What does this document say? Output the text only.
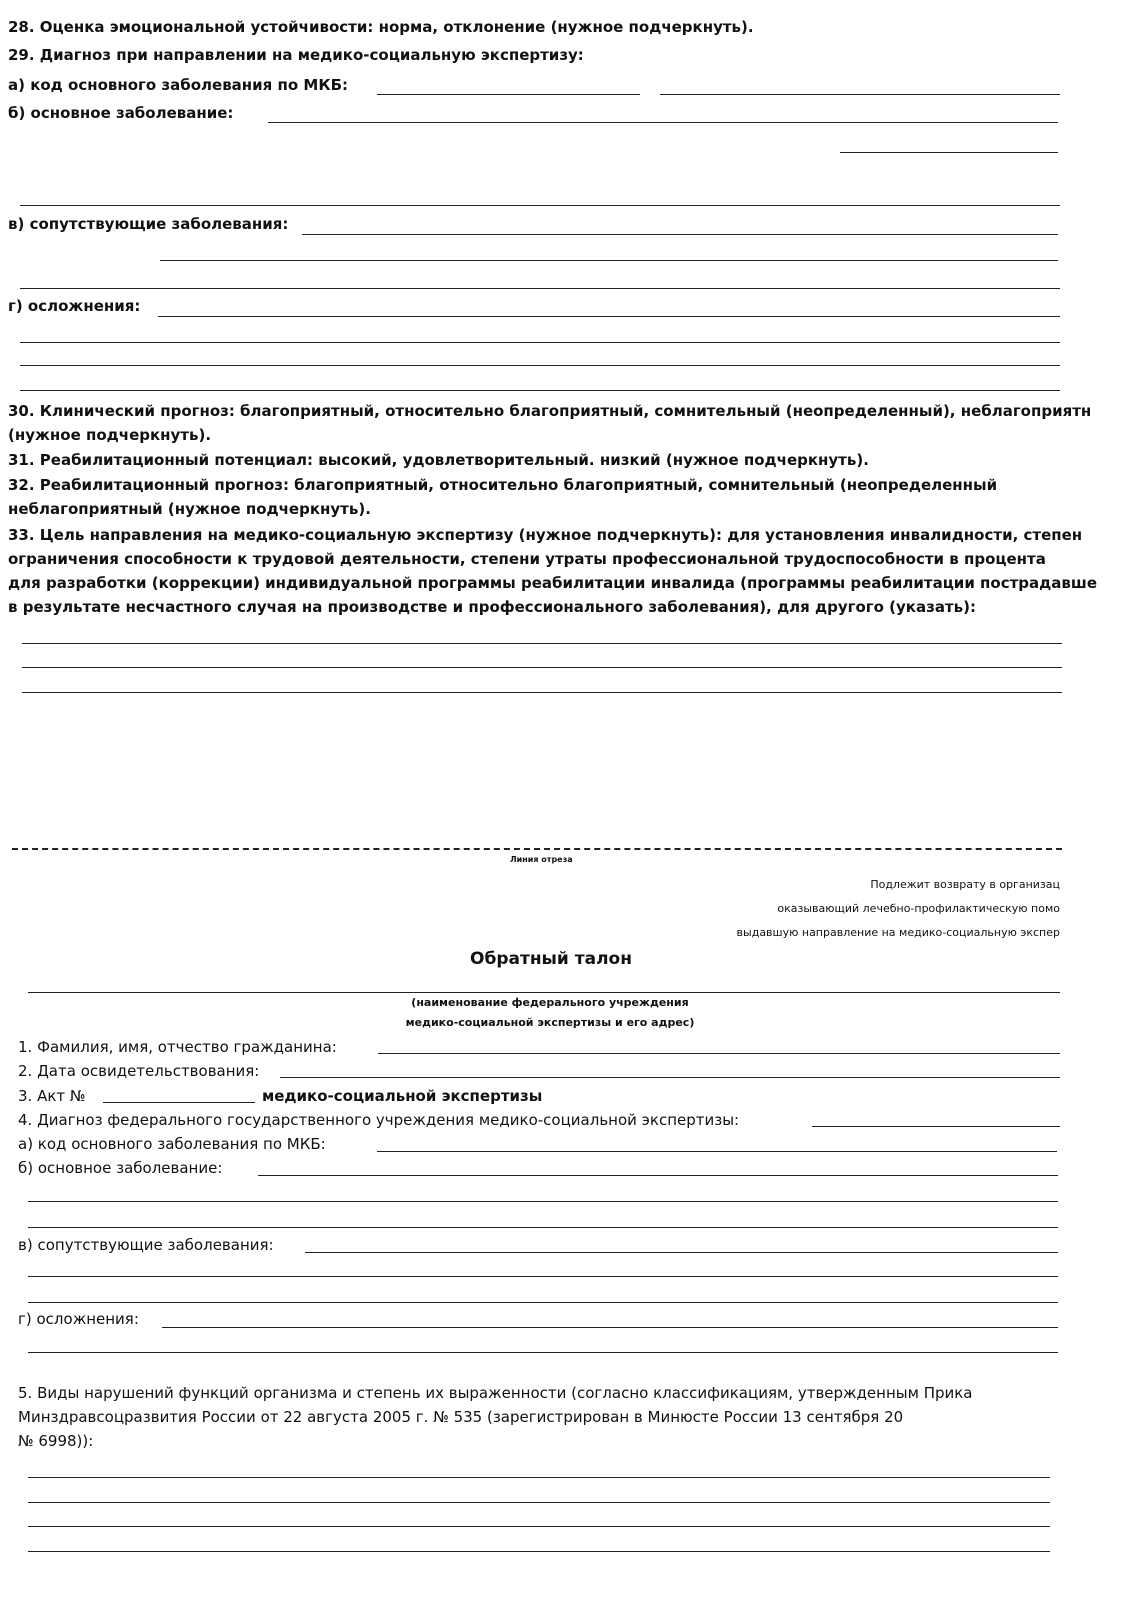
28. Оценка эмоциональной устойчивости: норма, отклонение (нужное подчеркнуть).
29. Диагноз при направлении на медико-социальную экспертизу:
а) код основного заболевания по МКБ:
б) основное заболевание:
в) сопутствующие заболевания:
г) осложнения:
30. Клинический прогноз: благоприятный, относительно благоприятный, сомнительный (неопределенный), неблагоприятн
(нужное подчеркнуть).
31. Реабилитационный потенциал: высокий, удовлетворительный. низкий (нужное подчеркнуть).
32. Реабилитационный прогноз: благоприятный, относительно благоприятный, сомнительный (неопределенный
неблагоприятный (нужное подчеркнуть).
33. Цель направления на медико-социальную экспертизу (нужное подчеркнуть): для установления инвалидности, степен
ограничения способности к трудовой деятельности, степени утраты профессиональной трудоспособности в процента
для разработки (коррекции) индивидуальной программы реабилитации инвалида (программы реабилитации пострадавше
в результате несчастного случая на производстве и профессионального заболевания), для другого (указать):
Линия отреза
Подлежит возврату в организац
оказывающий лечебно-профилактическую помо
выдавшую направление на медико-социальную экспер
Обратный талон
(наименование федерального учреждения
медико-социальной экспертизы и его адрес)
1. Фамилия, имя, отчество гражданина:
2. Дата освидетельствования:
3. Акт №	медико-социальной экспертизы
4. Диагноз федерального государственного учреждения медико-социальной экспертизы:
а) код основного заболевания по МКБ:
б) основное заболевание:
в) сопутствующие заболевания:
г) осложнения:
5. Виды нарушений функций организма и степень их выраженности (согласно классификациям, утвержденным Прика
Минздравсоцразвития России от 22 августа 2005 г. № 535 (зарегистрирован в Минюсте России 13 сентября 20
№ 6998)):
